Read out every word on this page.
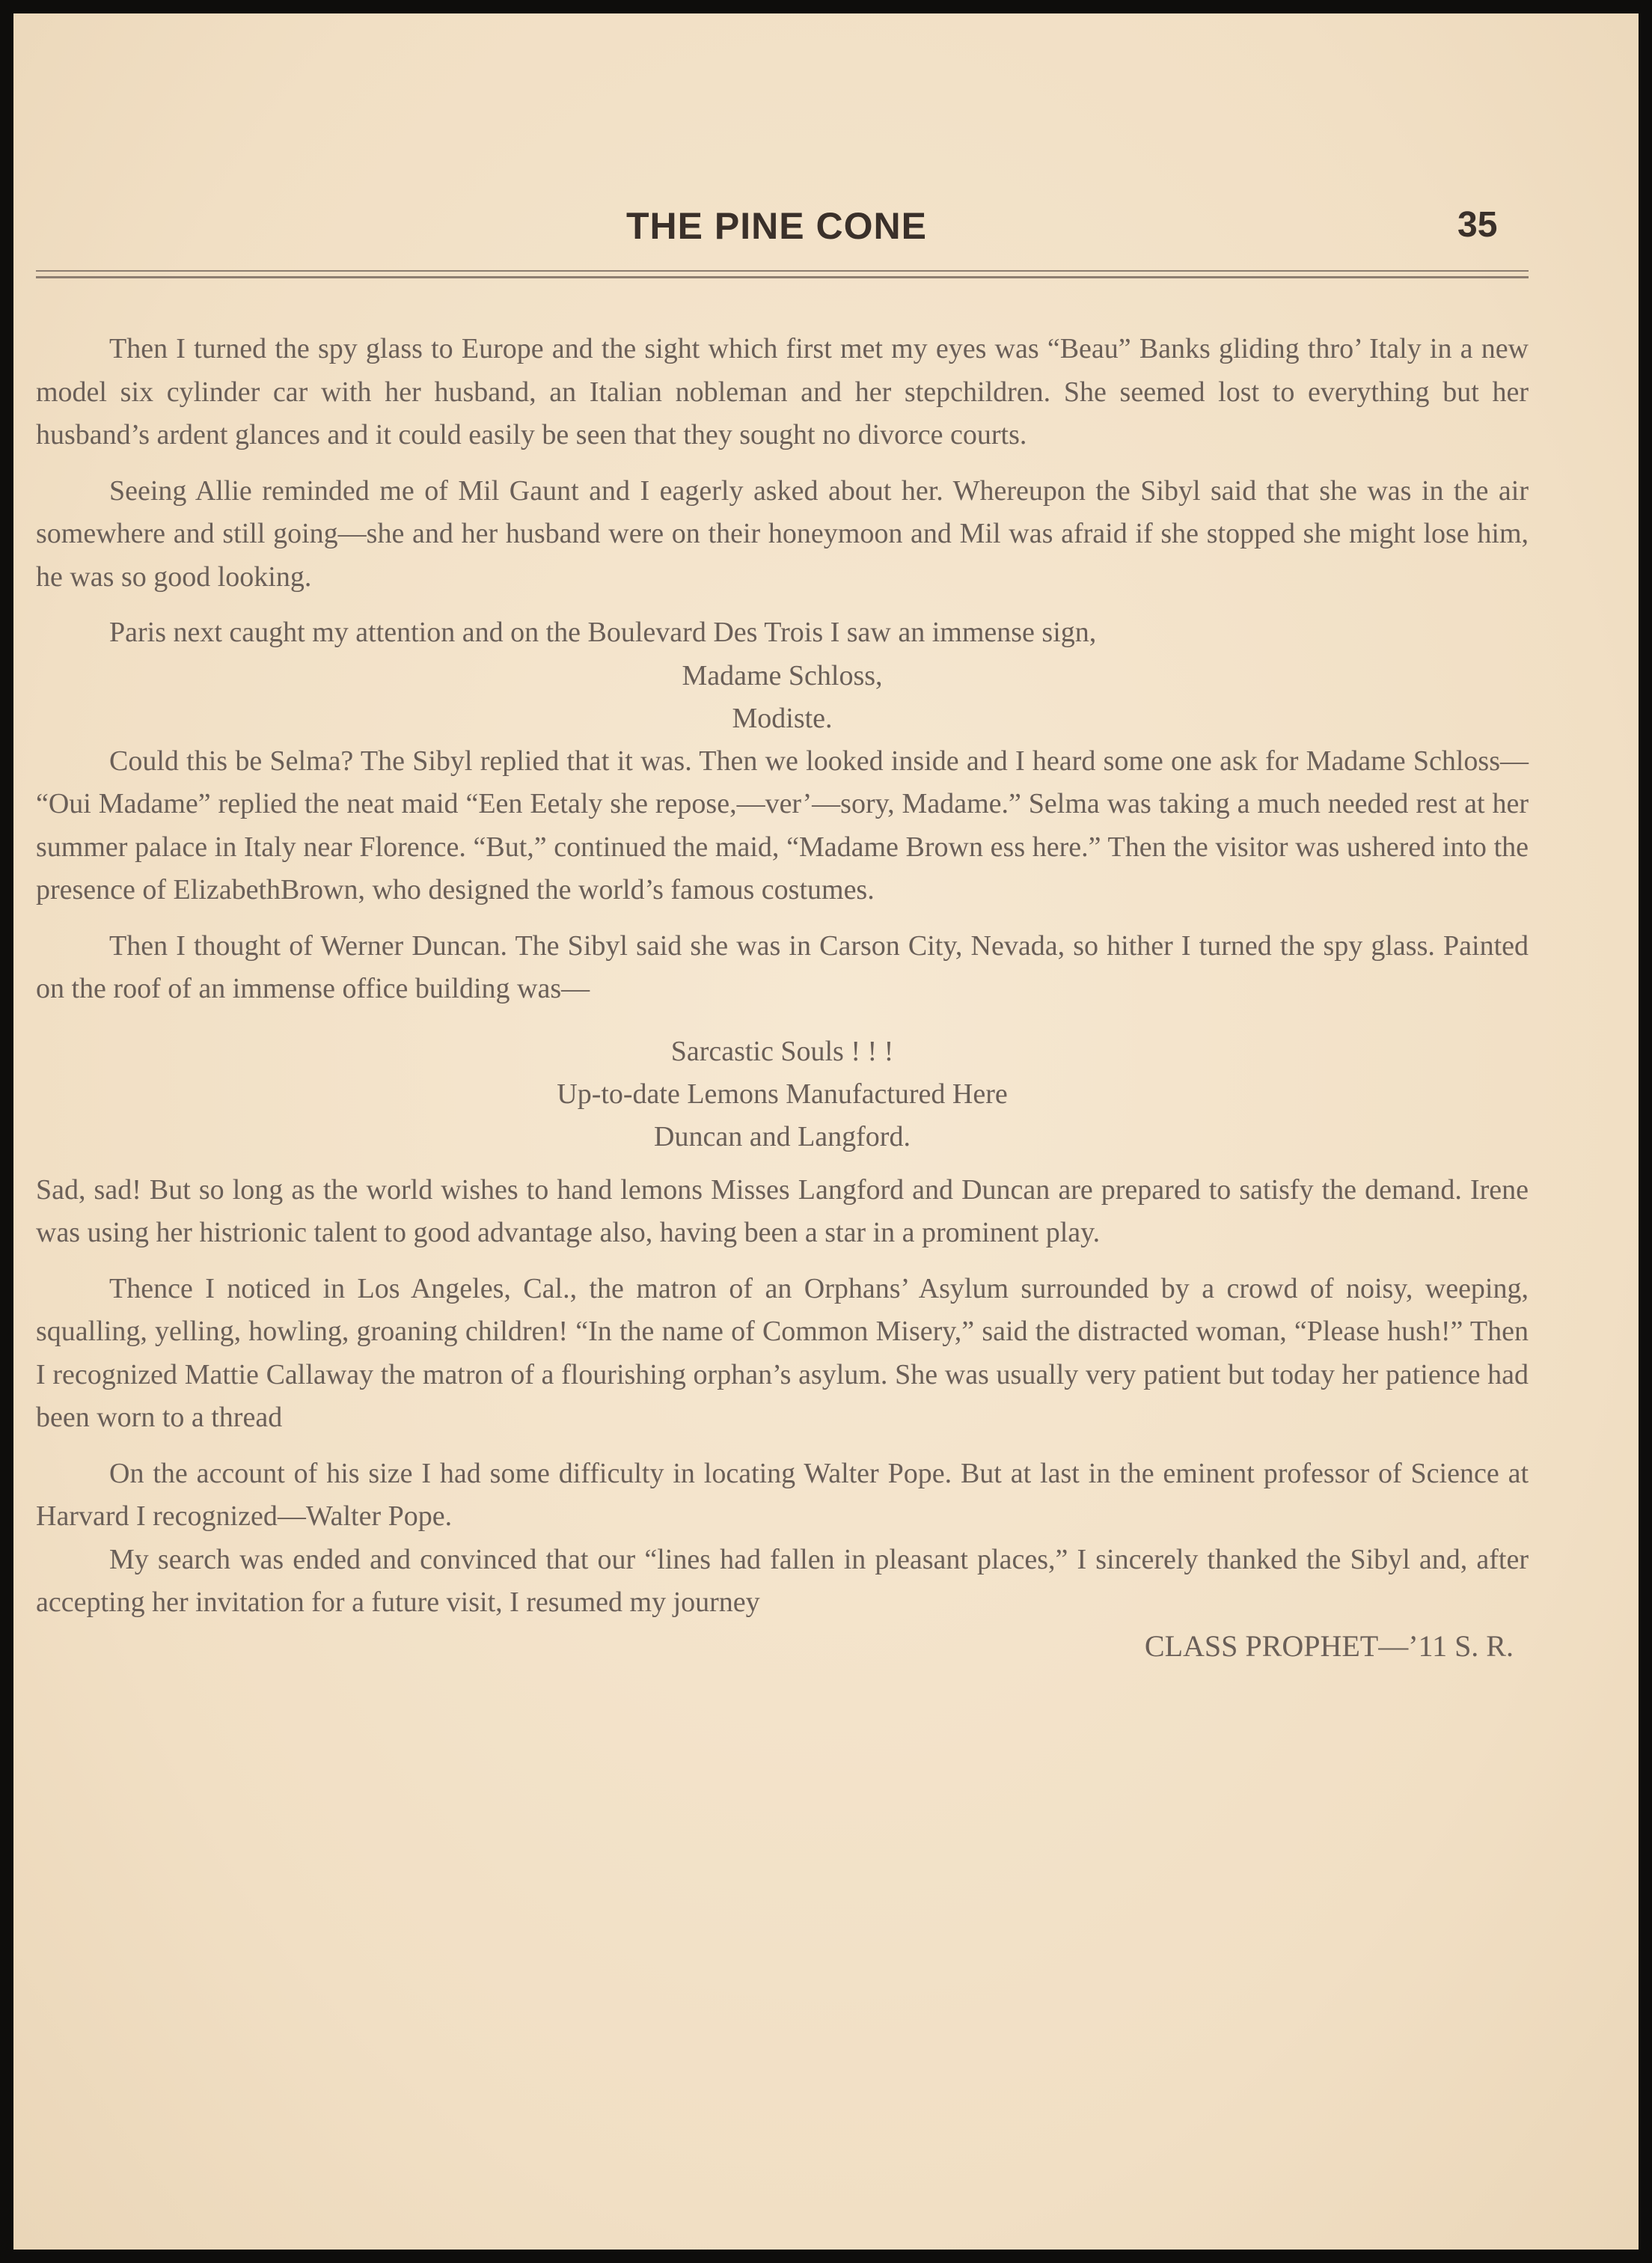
THE PINE CONE	35

Then I turned the spy glass to Europe and the sight which first met my eyes was “Beau” Banks gliding thro’ Italy in a new model six cylinder car with her husband, an Italian nobleman and her stepchildren. She seemed lost to everything but her husband’s ardent glances and it could easily be seen that they sought no divorce courts.

Seeing Allie reminded me of Mil Gaunt and I eagerly asked about her. Whereupon the Sibyl said that she was in the air somewhere and still going—she and her husband were on their honeymoon and Mil was afraid if she stopped she might lose him, he was so good looking.

Paris next caught my attention and on the Boulevard Des Trois I saw an immense sign,

Madame Schloss,
Modiste.

Could this be Selma? The Sibyl replied that it was. Then we looked inside and I heard some one ask for Madame Schloss— “Oui Madame” replied the neat maid “Een Eetaly she repose,—ver’—sory, Madame.” Selma was taking a much needed rest at her summer palace in Italy near Florence. “But,” continued the maid, “Madame Brown ess here.” Then the visitor was ushered into the presence of ElizabethBrown, who designed the world’s famous costumes.

Then I thought of Werner Duncan. The Sibyl said she was in Carson City, Nevada, so hither I turned the spy glass. Painted on the roof of an immense office building was—

Sarcastic Souls ! ! !
Up-to-date Lemons Manufactured Here
Duncan and Langford.

Sad, sad! But so long as the world wishes to hand lemons Misses Langford and Duncan are prepared to satisfy the demand. Irene was using her histrionic talent to good advantage also, having been a star in a prominent play.

Thence I noticed in Los Angeles, Cal., the matron of an Orphans’ Asylum surrounded by a crowd of noisy, weeping, squalling, yelling, howling, groaning children! “In the name of Common Misery,” said the distracted woman, “Please hush!” Then I recognized Mattie Callaway the matron of a flourishing orphan’s asylum. She was usually very patient but today her patience had been worn to a thread

On the account of his size I had some difficulty in locating Walter Pope. But at last in the eminent professor of Science at Harvard I recognized—Walter Pope.

My search was ended and convinced that our “lines had fallen in pleasant places,” I sincerely thanked the Sibyl and, after accepting her invitation for a future visit, I resumed my journey

CLASS PROPHET—’11 S. R.
